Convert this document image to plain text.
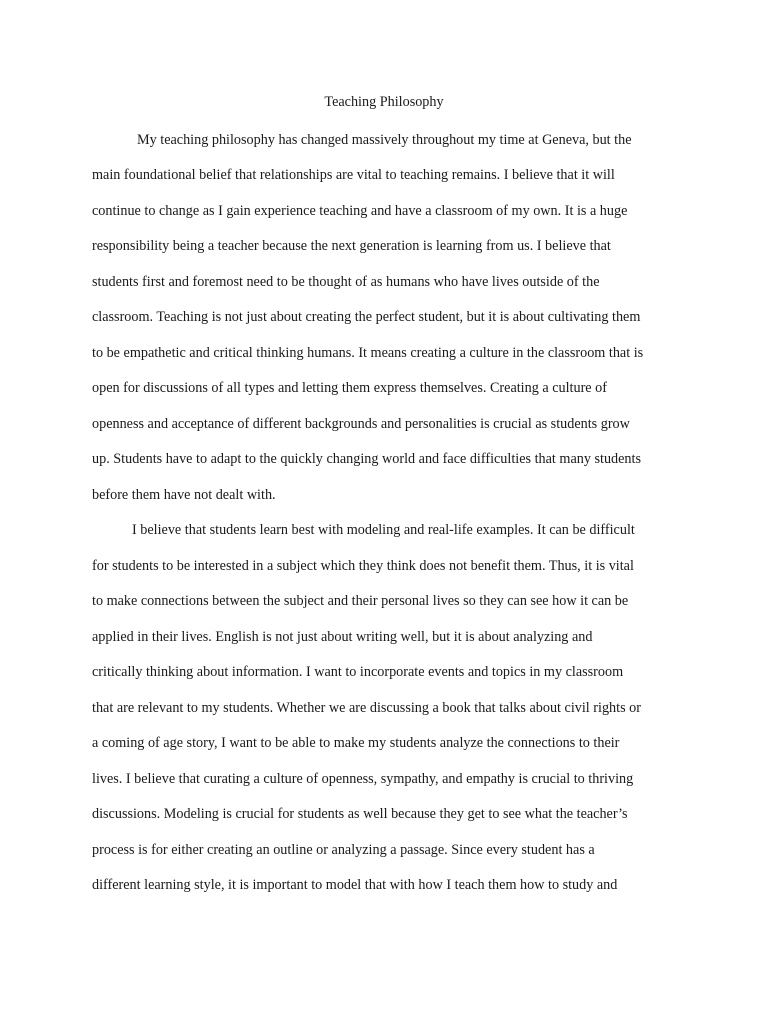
Teaching Philosophy

My teaching philosophy has changed massively throughout my time at Geneva, but the

main foundational belief that relationships are vital to teaching remains. I believe that it will

continue to change as I gain experience teaching and have a classroom of my own. It is a huge

responsibility being a teacher because the next generation is learning from us. I believe that

students first and foremost need to be thought of as humans who have lives outside of the

classroom. Teaching is not just about creating the perfect student, but it is about cultivating them

to be empathetic and critical thinking humans. It means creating a culture in the classroom that is

open for discussions of all types and letting them express themselves. Creating a culture of

openness and acceptance of different backgrounds and personalities is crucial as students grow

up. Students have to adapt to the quickly changing world and face difficulties that many students

before them have not dealt with.

I believe that students learn best with modeling and real-life examples. It can be difficult

for students to be interested in a subject which they think does not benefit them. Thus, it is vital

to make connections between the subject and their personal lives so they can see how it can be

applied in their lives. English is not just about writing well, but it is about analyzing and

critically thinking about information. I want to incorporate events and topics in my classroom

that are relevant to my students. Whether we are discussing a book that talks about civil rights or

a coming of age story, I want to be able to make my students analyze the connections to their

lives. I believe that curating a culture of openness, sympathy, and empathy is crucial to thriving

discussions. Modeling is crucial for students as well because they get to see what the teacher’s

process is for either creating an outline or analyzing a passage. Since every student has a

different learning style, it is important to model that with how I teach them how to study and
